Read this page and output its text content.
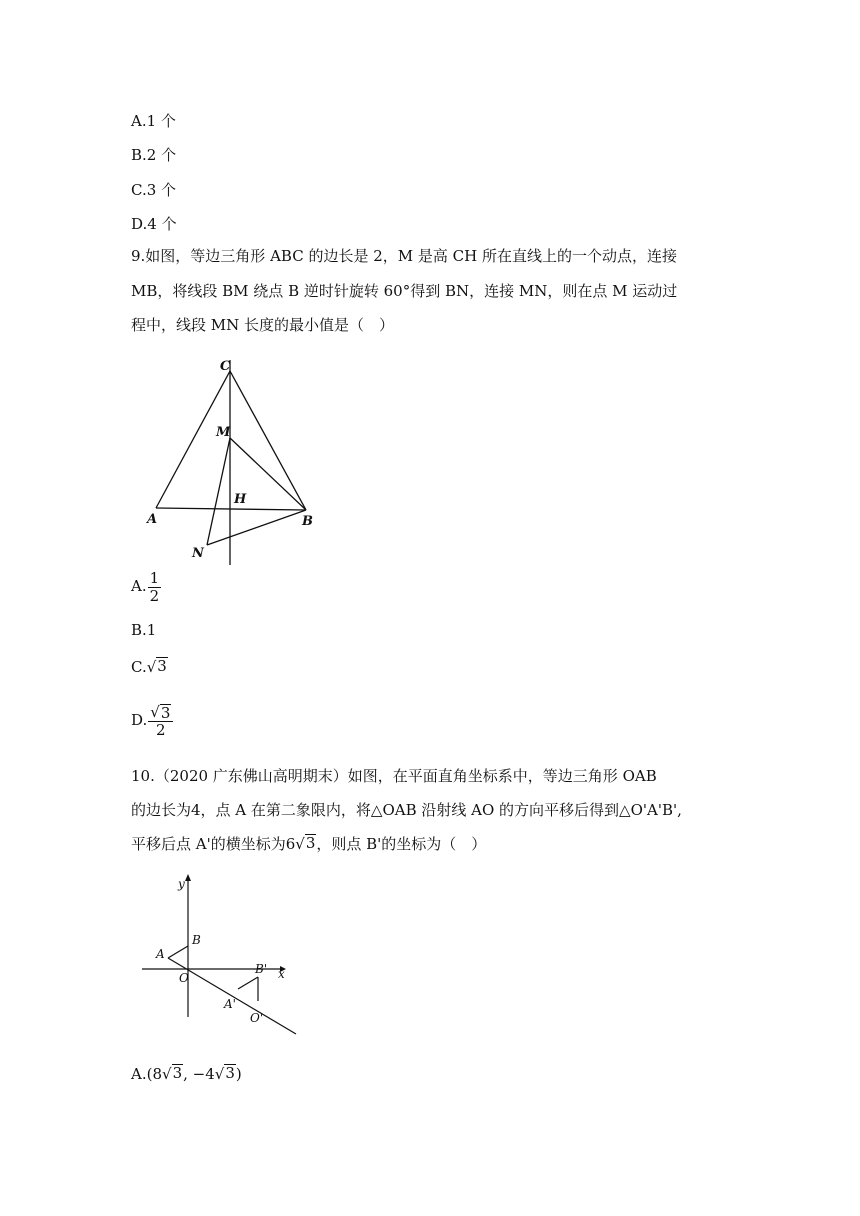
A.1 个
B.2 个
C.3 个
D.4 个
9.如图，等边三角形 ABC 的边长是 2，M 是高 CH 所在直线上的一个动点，连接
MB，将线段 BM 绕点 B 逆时针旋转 60°得到 BN，连接 MN，则在点 M 运动过
程中，线段 MN 长度的最小值是（　）
C
M
H
A	B
N
A. $\frac{1}{2}$
B.1
C. √ 3
D. $\frac{√ 3}{2}$
10.（2020 广东佛山高明期末）如图，在平面直角坐标系中，等边三角形 OAB
的边长为4，点 A 在第二象限内，将△OAB 沿射线 AO 的方向平移后得到△O'A'B',
平移后点 A'的横坐标为6 √ 3 ，则点 B'的坐标为（　）
y
x
A
B
O
B'
A'
O'
A.(8 √ 3 , −4 √ 3 )
